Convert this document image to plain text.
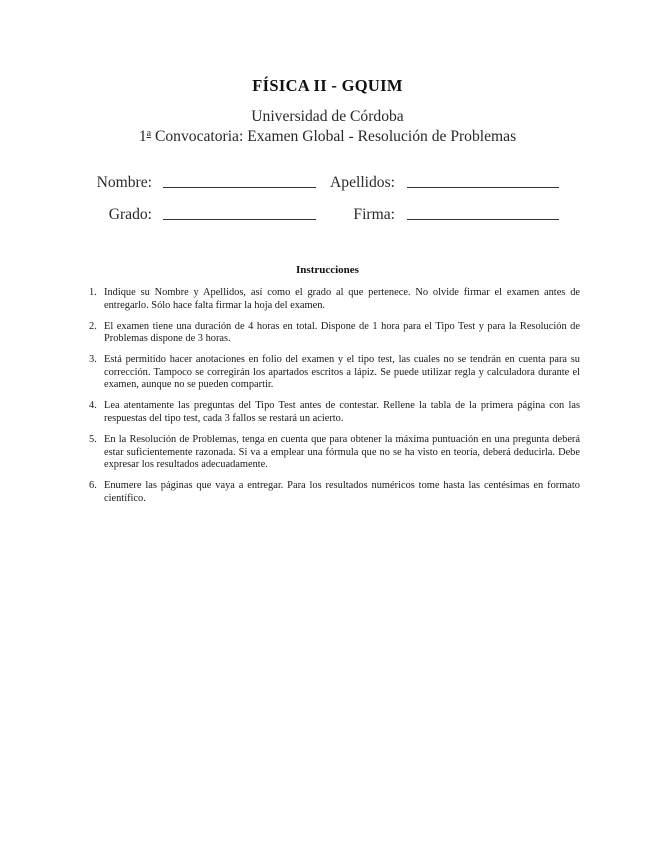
FÍSICA II - GQUIM
Universidad de Córdoba
1$^a$ Convocatoria: Examen Global - Resolución de Problemas
Nombre:	Apellidos:
Grado:	Firma:
Instrucciones
1. Indique su Nombre y Apellidos, así como el grado al que pertenece. No olvide firmar el examen antes de entregarlo. Sólo hace falta firmar la hoja del examen.
2. El examen tiene una duración de 4 horas en total. Dispone de 1 hora para el Tipo Test y para la Resolución de Problemas dispone de 3 horas.
3. Está permitido hacer anotaciones en folio del examen y el tipo test, las cuales no se tendrán en cuenta para su corrección. Tampoco se corregirán los apartados escritos a lápiz. Se puede utilizar regla y calculadora durante el examen, aunque no se pueden compartir.
4. Lea atentamente las preguntas del Tipo Test antes de contestar. Rellene la tabla de la primera página con las respuestas del tipo test, cada 3 fallos se restará un acierto.
5. En la Resolución de Problemas, tenga en cuenta que para obtener la máxima puntuación en una pregunta deberá estar suficientemente razonada. Si va a emplear una fórmula que no se ha visto en teoría, deberá deducirla. Debe expresar los resultados adecuadamente.
6. Enumere las páginas que vaya a entregar. Para los resultados numéricos tome hasta las centésimas en formato científico.
